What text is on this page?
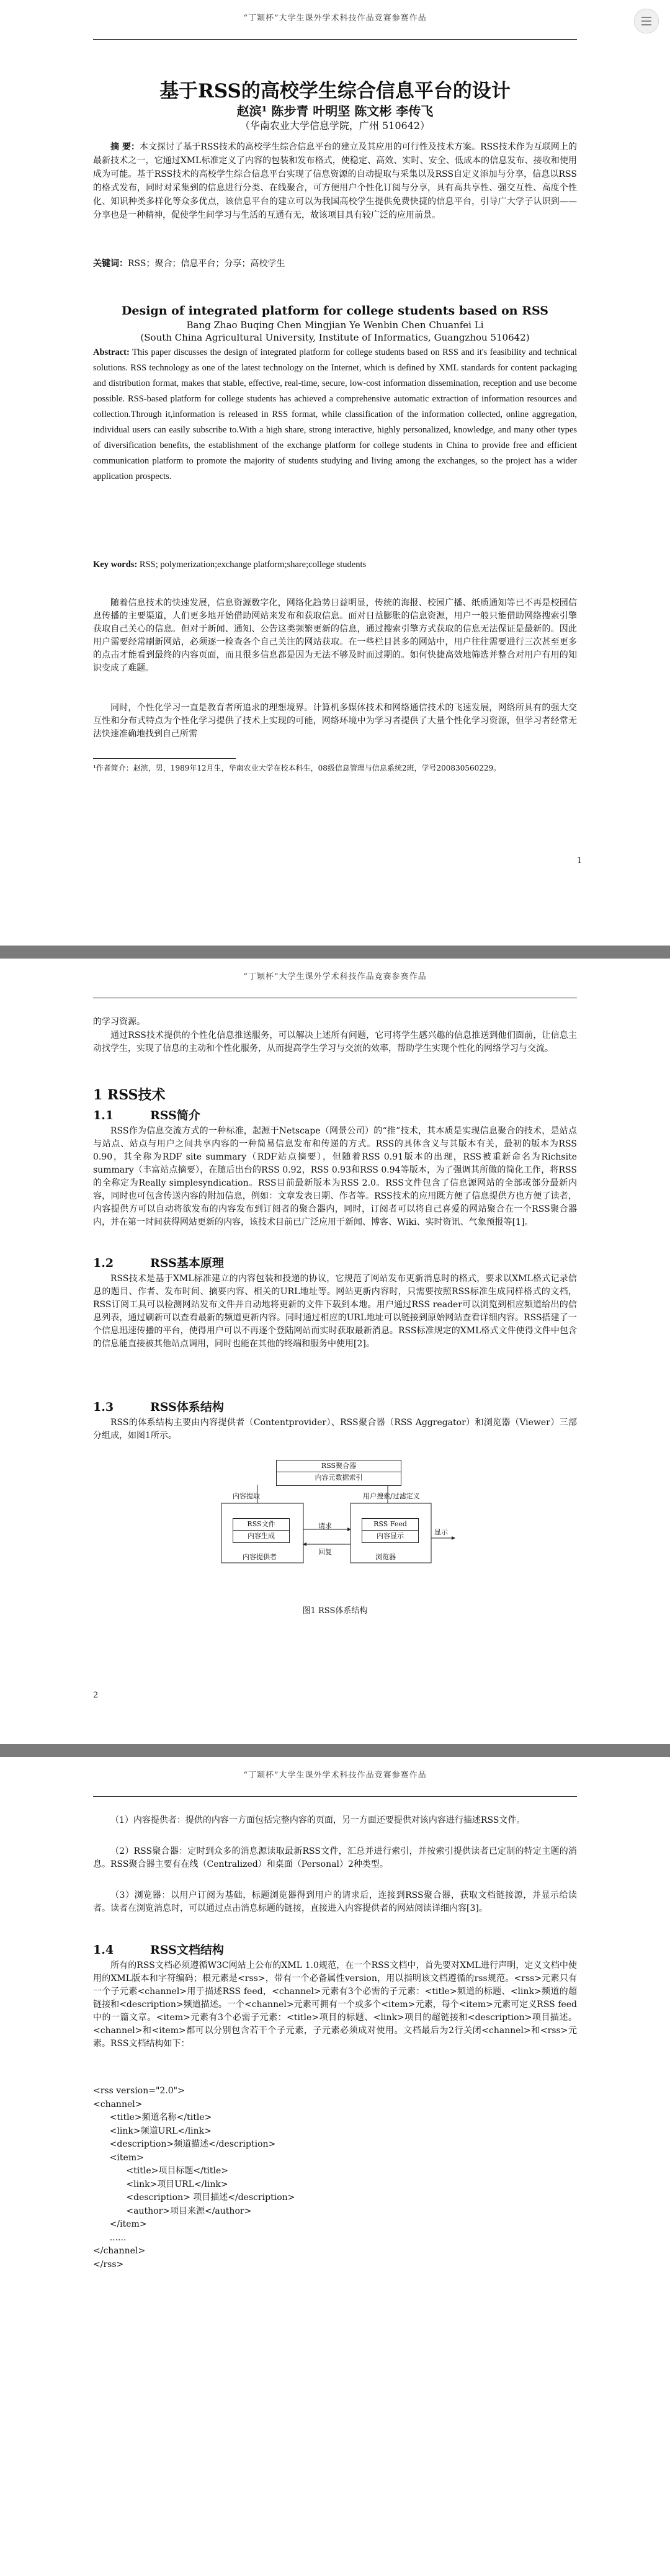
“丁颖杯”大学生课外学术科技作品竞赛参赛作品
基于RSS的高校学生综合信息平台的设计
赵滨¹ 陈步青 叶明坚 陈文彬 李传飞
（华南农业大学信息学院，广州 510642）
摘 要：本文探讨了基于RSS技术的高校学生综合信息平台的建立及其应用的可行性及技术方案。RSS技术作为互联网上的最新技术之一，它通过XML标准定义了内容的包装和发布格式，使稳定、高效、实时、安全、低成本的信息发布、接收和使用成为可能。基于RSS技术的高校学生综合信息平台实现了信息资源的自动提取与采集以及RSS自定义添加与分享，信息以RSS的格式发布，同时对采集到的信息进行分类、在线聚合，可方便用户个性化订阅与分享，具有高共享性、强交互性、高度个性化、知识种类多样化等众多优点，该信息平台的建立可以为我国高校学生提供免费快捷的信息平台，引导广大学子认识到——分享也是一种精神，促使学生间学习与生活的互通有无，故该项目具有较广泛的应用前景。
关键词：RSS；聚合；信息平台；分享；高校学生
Design of integrated platform for college students based on RSS
Bang Zhao Buqing Chen Mingjian Ye Wenbin Chen Chuanfei Li
(South China Agricultural University, Institute of Informatics, Guangzhou 510642)
Abstract: This paper discusses the design of integrated platform for college students based on RSS and it's feasibility and technical solutions. RSS technology as one of the latest technology on the Internet, which is defined by XML standards for content packaging and distribution format, makes that stable, effective, real-time, secure, low-cost information dissemination, reception and use become possible. RSS-based platform for college students has achieved a comprehensive automatic extraction of information resources and collection.Through it,information is released in RSS format, while classification of the information collected, online aggregation, individual users can easily subscribe to.With a high share, strong interactive, highly personalized, knowledge, and many other types of diversification benefits, the establishment of the exchange platform for college students in China to provide free and efficient communication platform to promote the majority of students studying and living among the exchanges, so the project has a wider application prospects.
Key words: RSS; polymerization;exchange platform;share;college students
随着信息技术的快速发展，信息资源数字化，网络化趋势日益明显，传统的海报、校园广播、纸质通知等已不再是校园信息传播的主要渠道，人们更多地开始借助网站来发布和获取信息。面对日益膨胀的信息资源，用户一般只能借助网络搜索引擎获取自己关心的信息。但对于新闻、通知、公告这类频繁更新的信息，通过搜索引擎方式获取的信息无法保证是最新的。因此用户需要经常刷新网站，必须逐一检查各个自己关注的网站获取。在一些栏目甚多的网站中，用户往往需要进行三次甚至更多的点击才能看到最终的内容页面，而且很多信息都是因为无法不够及时而过期的。如何快捷高效地筛选并整合对用户有用的知识变成了难题。
同时，个性化学习一直是教育者所追求的理想境界。计算机多媒体技术和网络通信技术的飞速发展，网络所具有的强大交互性和分布式特点为个性化学习提供了技术上实现的可能，网络环境中为学习者提供了大量个性化学习资源，但学习者经常无法快速准确地找到自己所需
¹作者简介：赵滨，男，1989年12月生，华南农业大学在校本科生，08级信息管理与信息系统2班，学号200830560229。
1
“丁颖杯”大学生课外学术科技作品竞赛参赛作品
的学习资源。
通过RSS技术提供的个性化信息推送服务，可以解决上述所有问题，它可将学生感兴趣的信息推送到他们面前，让信息主动找学生，实现了信息的主动和个性化服务，从而提高学生学习与交流的效率，帮助学生实现个性化的网络学习与交流。
1 RSS技术
1.1	RSS简介
RSS作为信息交流方式的一种标准，起源于Netscape（网景公司）的“推”技术，其本质是实现信息聚合的技术，是站点与站点、站点与用户之间共享内容的一种简易信息发布和传递的方式。RSS的具体含义与其版本有关，最初的版本为RSS 0.90，其全称为RDF site summary（RDF站点摘要），但随着RSS 0.91版本的出现，RSS被重新命名为Richsite summary（丰富站点摘要），在随后出台的RSS 0.92，RSS 0.93和RSS 0.94等版本，为了强调其所做的简化工作，将RSS的全称定为Really simplesyndication。RSS目前最新版本为RSS 2.0。RSS文件包含了信息源网站的全部或部分最新内容，同时也可包含传送内容的附加信息，例如：文章发表日期、作者等。RSS技术的应用既方便了信息提供方也方便了读者，内容提供方可以自动将欲发布的内容发布到订阅者的聚合器内，同时，订阅者可以将自己喜爱的网站聚合在一个RSS聚合器内，并在第一时间获得网站更新的内容，该技术目前已广泛应用于新闻、博客、Wiki、实时资讯、气象预报等[1]。
1.2	RSS基本原理
RSS技术是基于XML标准建立的内容包装和投递的协议，它规范了网站发布更新消息时的格式，要求以XML格式记录信息的题目、作者、发布时间、摘要内容、相关的URL地址等。网站更新内容时，只需要按照RSS标准生成同样格式的文档，RSS订阅工具可以检测网站发布文件并自动地将更新的文件下载到本地。用户通过RSS reader可以浏览到相应频道给出的信息列表，通过刷新可以查看最新的频道更新内容。同时通过相应的URL地址可以链接到原始网站查看详细内容。RSS搭建了一个信息迅速传播的平台，使得用户可以不再逐个登陆网站而实时获取最新消息。RSS标准规定的XML格式文件使得文件中包含的信息能直接被其他站点调用，同时也能在其他的终端和服务中使用[2]。
1.3	RSS体系结构
RSS的体系结构主要由内容提供者（Contentprovider）、RSS聚合器（RSS Aggregator）和浏览器（Viewer）三部分组成，如图1所示。
RSS聚合器
内容元数据索引
内容提取	用户搜索/过滤定义
RSS文件
内容生成
RSS Feed
内容显示
请求
回复
显示
内容提供者	浏览器
图1 RSS体系结构
2
“丁颖杯”大学生课外学术科技作品竞赛参赛作品
（1）内容提供者：提供的内容一方面包括完整内容的页面，另一方面还要提供对该内容进行描述RSS文件。
（2）RSS聚合器：定时到众多的消息源读取最新RSS文件，汇总并进行索引，并按索引提供读者已定制的特定主题的消息。RSS聚合器主要有在线（Centralized）和桌面（Personal）2种类型。
（3）浏览器：以用户订阅为基础，标题浏览器得到用户的请求后，连接到RSS聚合器，获取文档链接源，并显示给读者。读者在浏览消息时，可以通过点击消息标题的链接，直接进入内容提供者的网站阅读详细内容[3]。
1.4	RSS文档结构
所有的RSS文档必须遵循W3C网站上公布的XML 1.0规范，在一个RSS文档中，首先要对XML进行声明，定义文档中使用的XML版本和字符编码；根元素是<rss>，带有一个必备属性version，用以指明该文档遵循的rss规范。<rss>元素只有一个子元素<channel>用于描述RSS feed，<channel>元素有3个必需的子元素：<title>频道的标题、<link>频道的超链接和<description>频道描述。一个<channel>元素可拥有一个或多个<item>元素，每个<item>元素可定义RSS feed中的一篇文章。<item>元素有3个必需子元素：<title>项目的标题、<link>项目的超链接和<description>项目描述。<channel>和<item>都可以分别包含若干个子元素，子元素必须成对使用。文档最后为2行关闭<channel>和<rss>元素。RSS文档结构如下：
<rss version="2.0">
<channel>
<title>频道名称</title>
<link>频道URL</link>
<description>频道描述</description>
<item>
<title>项目标题</title>
<link>项目URL</link>
<description> 项目描述</description>
<author>项目来源</author>
</item>
......
</channel>
</rss>
